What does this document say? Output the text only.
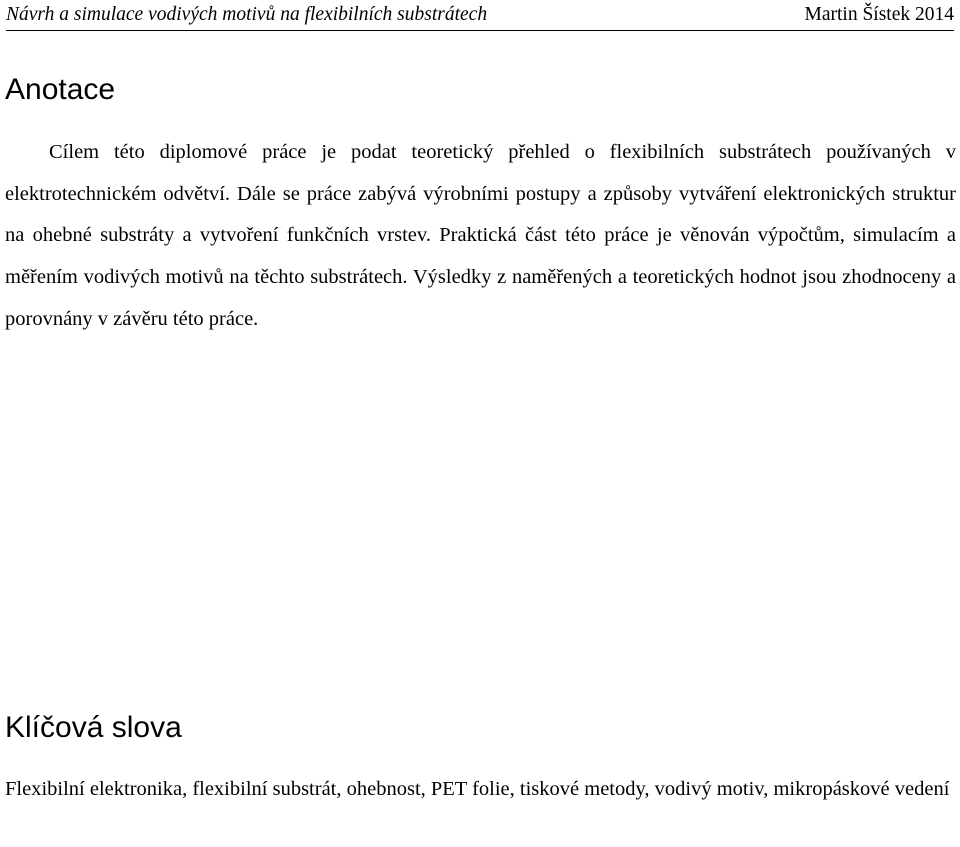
Návrh a simulace vodivých motivů na flexibilních substrátech	Martin Šístek 2014
Anotace

Cílem této diplomové práce je podat teoretický přehled o flexibilních substrátech používaných v elektrotechnickém odvětví. Dále se práce zabývá výrobními postupy a způsoby vytváření elektronických struktur na ohebné substráty a vytvoření funkčních vrstev. Praktická část této práce je věnován výpočtům, simulacím a měřením vodivých motivů na těchto substrátech. Výsledky z naměřených a teoretických hodnot jsou zhodnoceny a porovnány v závěru této práce.

Klíčová slova

Flexibilní elektronika, flexibilní substrát, ohebnost, PET folie, tiskové metody, vodivý motiv, mikropáskové vedení
